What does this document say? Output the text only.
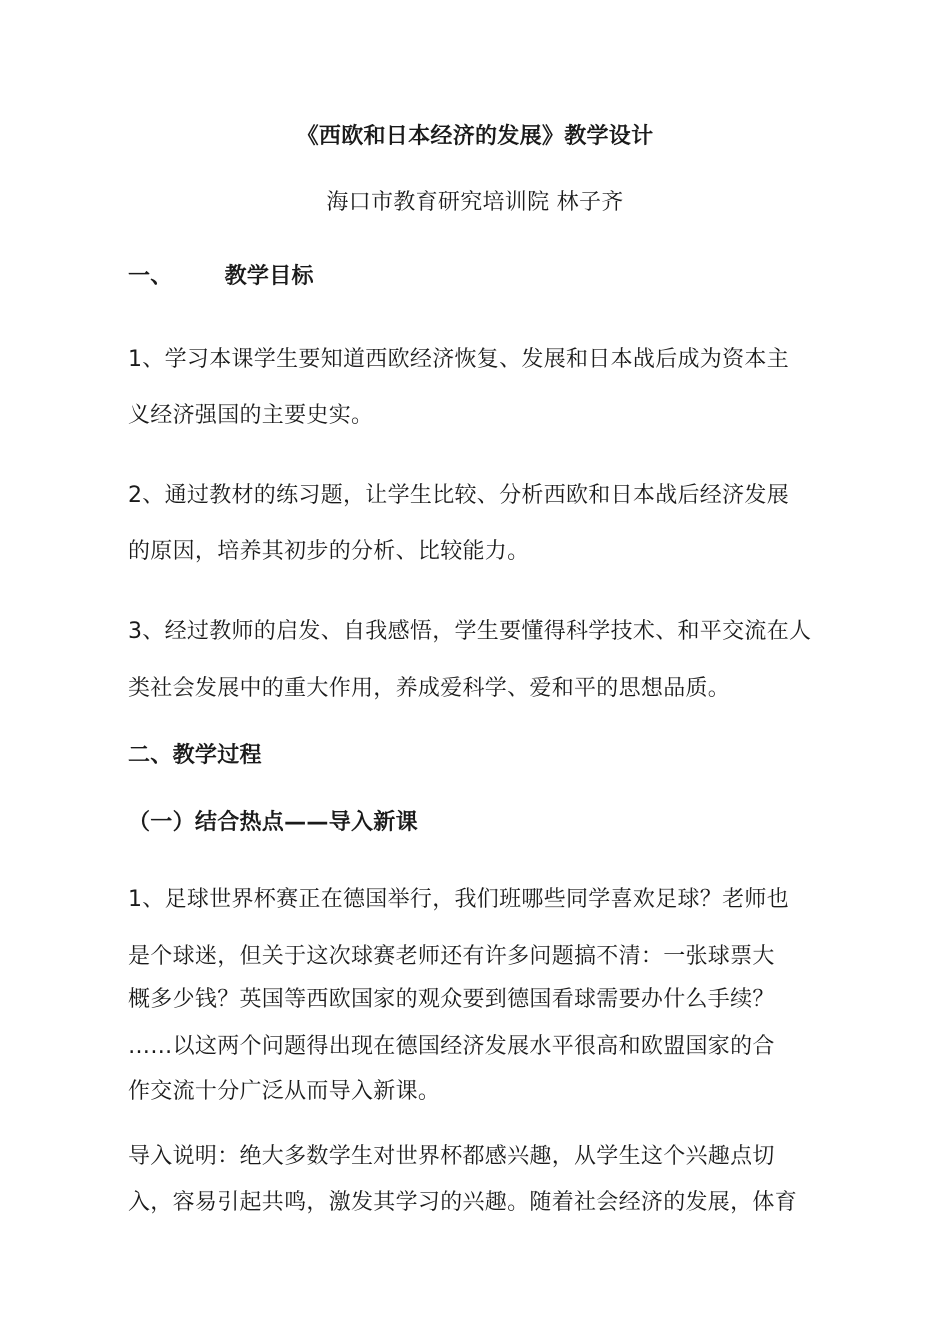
《西欧和日本经济的发展》教学设计
海口市教育研究培训院 林子齐
一、 教学目标
1、学习本课学生要知道西欧经济恢复、发展和日本战后成为资本主
义经济强国的主要史实。
2、通过教材的练习题，让学生比较、分析西欧和日本战后经济发展
的原因，培养其初步的分析、比较能力。
3、经过教师的启发、自我感悟，学生要懂得科学技术、和平交流在人
类社会发展中的重大作用，养成爱科学、爱和平的思想品质。
二、教学过程
（一）结合热点——导入新课
1、足球世界杯赛正在德国举行，我们班哪些同学喜欢足球？老师也
是个球迷，但关于这次球赛老师还有许多问题搞不清：一张球票大
概多少钱？英国等西欧国家的观众要到德国看球需要办什么手续？
……以这两个问题得出现在德国经济发展水平很高和欧盟国家的合
作交流十分广泛从而导入新课。
导入说明：绝大多数学生对世界杯都感兴趣，从学生这个兴趣点切
入，容易引起共鸣，激发其学习的兴趣。随着社会经济的发展，体育
